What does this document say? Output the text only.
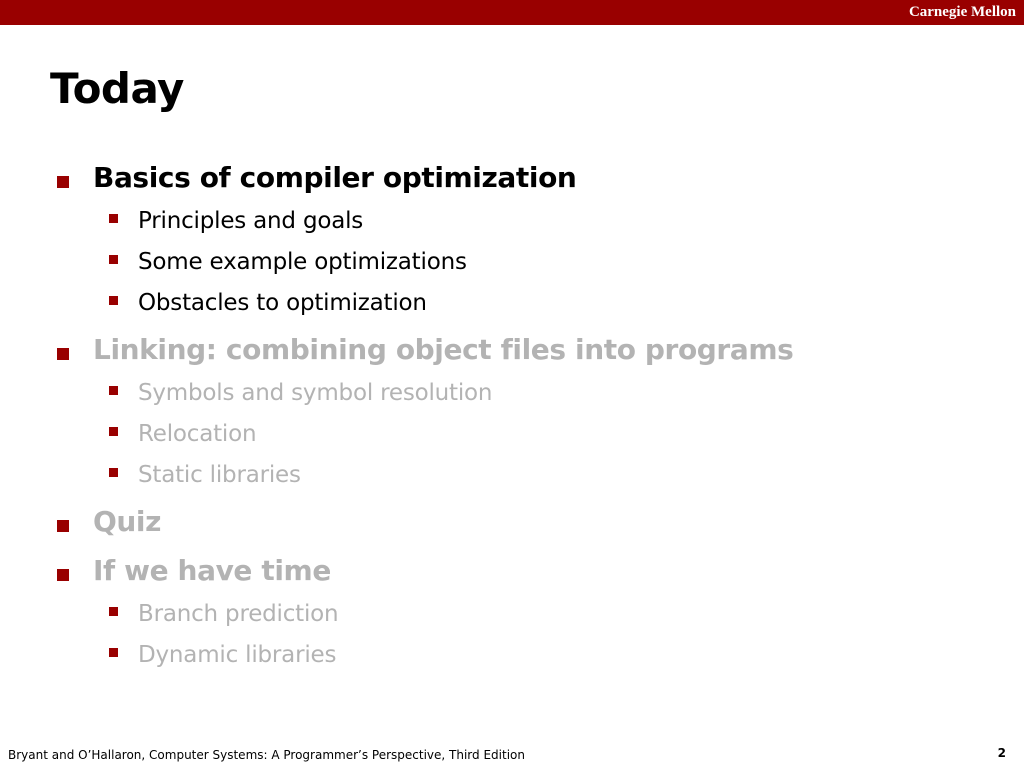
Carnegie Mellon
Today
Basics of compiler optimization
Principles and goals
Some example optimizations
Obstacles to optimization
Linking: combining object files into programs
Symbols and symbol resolution
Relocation
Static libraries
Quiz
If we have time
Branch prediction
Dynamic libraries
Bryant and O’Hallaron, Computer Systems: A Programmer’s Perspective, Third Edition	2
